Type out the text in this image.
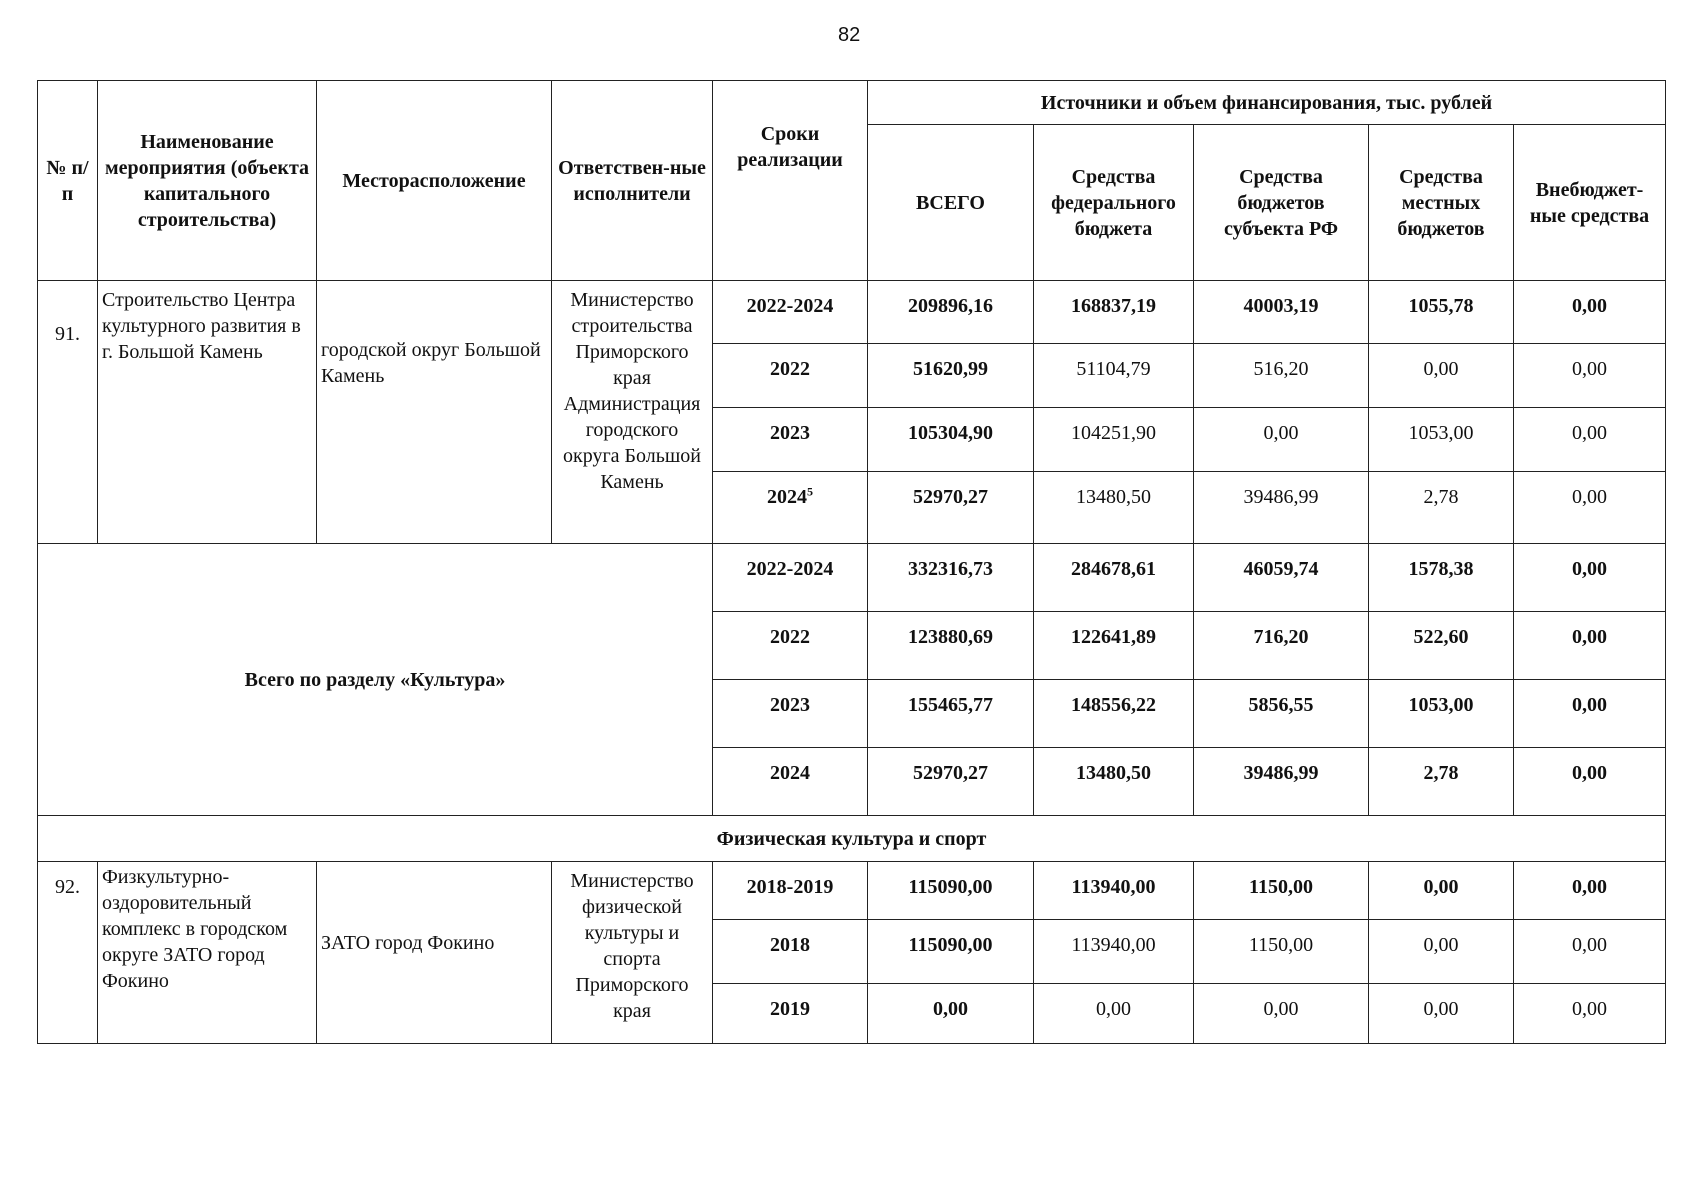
82
№ п/п	Наименование мероприятия (объекта капитального строительства)	Месторасположение	Ответствен-ные исполнители	Сроки реализации	Источники и объем финансирования, тыс. рублей				
					ВСЕГО	Средства федерального бюджета	Средства бюджетов субъекта РФ	Средства местных бюджетов	Внебюджет-ные средства
91.	Строительство Центра культурного развития в г. Большой Камень	городской округ Большой Камень	Министерство строительства Приморского края Администрация городского округа Большой Камень	2022-2024	209896,16	168837,19	40003,19	1055,78	0,00
				2022	51620,99	51104,79	516,20	0,00	0,00
				2023	105304,90	104251,90	0,00	1053,00	0,00
				2024$^5$	52970,27	13480,50	39486,99	2,78	0,00
Всего по разделу «Культура»				2022-2024	332316,73	284678,61	46059,74	1578,38	0,00
				2022	123880,69	122641,89	716,20	522,60	0,00
				2023	155465,77	148556,22	5856,55	1053,00	0,00
				2024	52970,27	13480,50	39486,99	2,78	0,00
Физическая культура и спорт									
92.	Физкультурно-оздоровительный комплекс в городском округе ЗАТО город Фокино	ЗАТО город Фокино	Министерство физической культуры и спорта Приморского края	2018-2019	115090,00	113940,00	1150,00	0,00	0,00
				2018	115090,00	113940,00	1150,00	0,00	0,00
				2019	0,00	0,00	0,00	0,00	0,00
